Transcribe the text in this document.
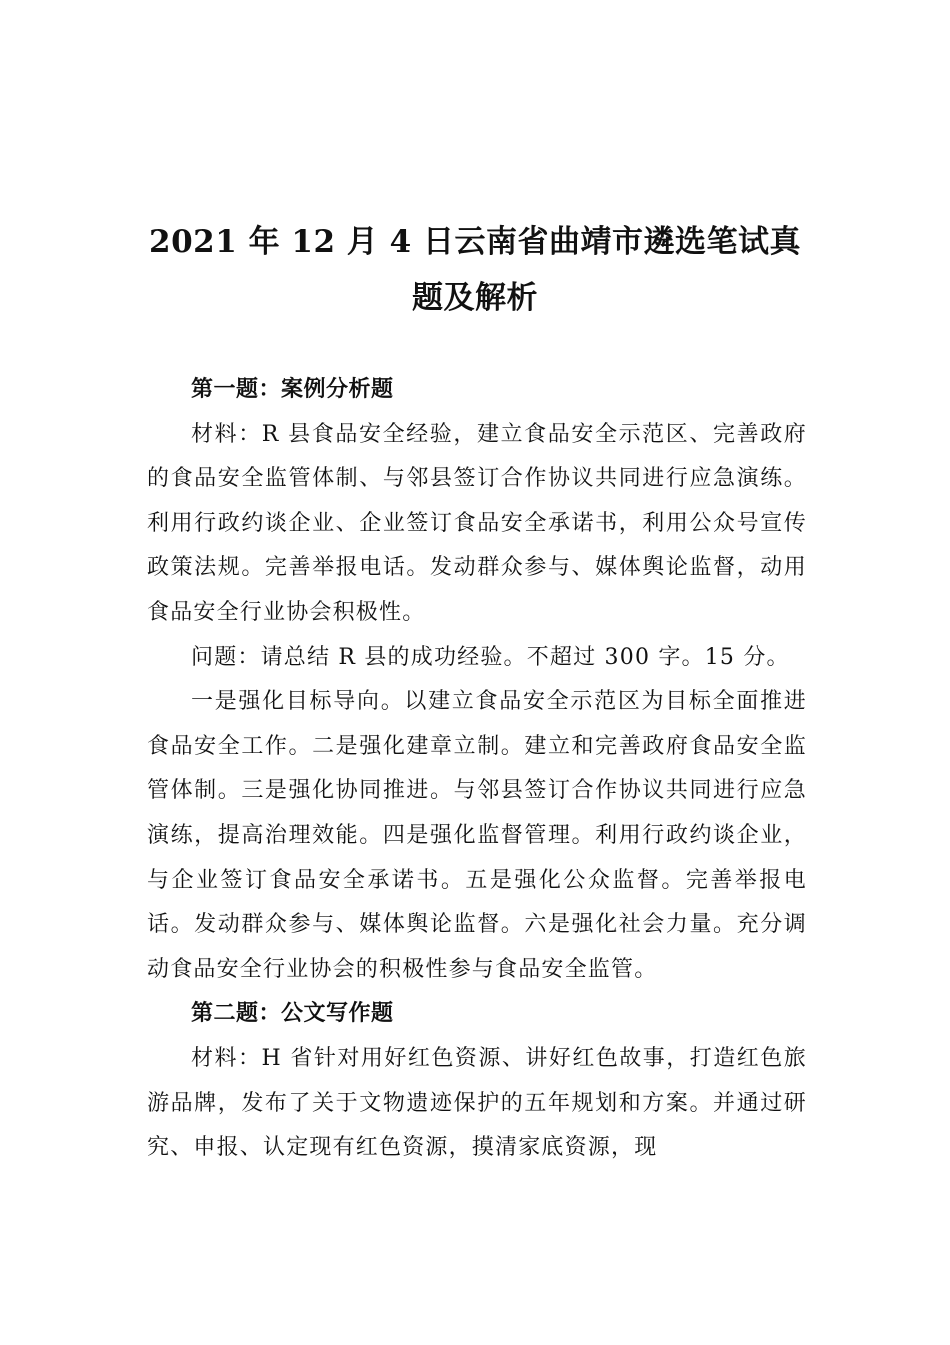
2021 年 12 月 4 日云南省曲靖市遴选笔试真
题及解析

第一题：案例分析题

材料：R 县食品安全经验，建立食品安全示范区、完善政府的食品安全监管体制、与邻县签订合作协议共同进行应急演练。利用行政约谈企业、企业签订食品安全承诺书，利用公众号宣传政策法规。完善举报电话。发动群众参与、媒体舆论监督，动用食品安全行业协会积极性。

问题：请总结 R 县的成功经验。不超过 300 字。15 分。

一是强化目标导向。以建立食品安全示范区为目标全面推进食品安全工作。二是强化建章立制。建立和完善政府食品安全监管体制。三是强化协同推进。与邻县签订合作协议共同进行应急演练，提高治理效能。四是强化监督管理。利用行政约谈企业，与企业签订食品安全承诺书。五是强化公众监督。完善举报电话。发动群众参与、媒体舆论监督。六是强化社会力量。充分调动食品安全行业协会的积极性参与食品安全监管。

第二题：公文写作题

材料：H 省针对用好红色资源、讲好红色故事，打造红色旅游品牌，发布了关于文物遗迹保护的五年规划和方案。并通过研究、申报、认定现有红色资源，摸清家底资源，现
